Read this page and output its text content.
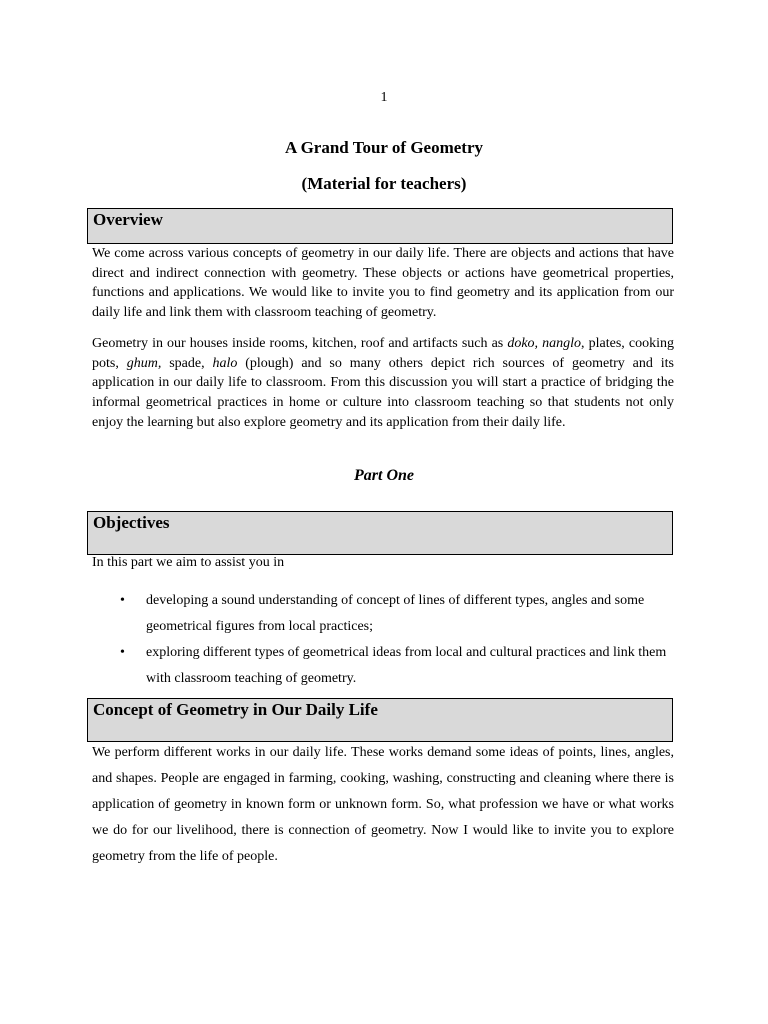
1
A Grand Tour of Geometry
(Material for teachers)
Overview

We come across various concepts of geometry in our daily life. There are objects and actions that have direct and indirect connection with geometry. These objects or actions have geometrical properties, functions and applications. We would like to invite you to find geometry and its application from our daily life and link them with classroom teaching of geometry.

Geometry in our houses inside rooms, kitchen, roof and artifacts such as doko, nanglo, plates, cooking pots, ghum, spade, halo (plough) and so many others depict rich sources of geometry and its application in our daily life to classroom. From this discussion you will start a practice of bridging the informal geometrical practices in home or culture into classroom teaching so that students not only enjoy the learning but also explore geometry and its application from their daily life.

Part One
Objectives

In this part we aim to assist you in

• developing a sound understanding of concept of lines of different types, angles and some geometrical figures from local practices;
• exploring different types of geometrical ideas from local and cultural practices and link them with classroom teaching of geometry.
Concept of Geometry in Our Daily Life

We perform different works in our daily life. These works demand some ideas of points, lines, angles, and shapes. People are engaged in farming, cooking, washing, constructing and cleaning where there is application of geometry in known form or unknown form. So, what profession we have or what works we do for our livelihood, there is connection of geometry. Now I would like to invite you to explore geometry from the life of people.
